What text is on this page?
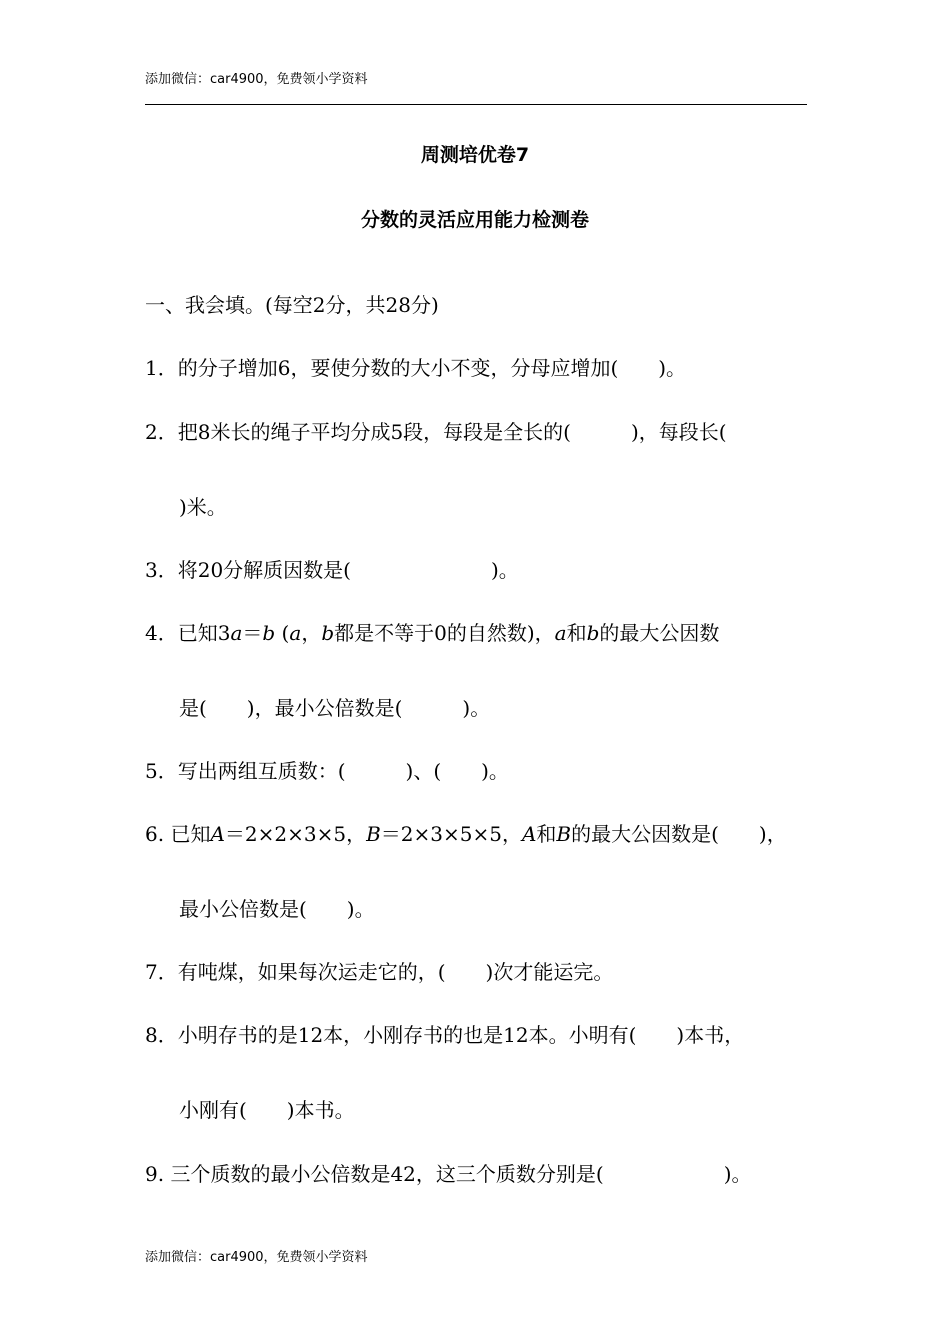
添加微信：car4900，免费领小学资料
周测培优卷7
分数的灵活应用能力检测卷
一、我会填。(每空2分，共28分)
1．的分子增加6，要使分数的大小不变，分母应增加(　　)。
2．把8米长的绳子平均分成5段，每段是全长的(　　　)，每段长(
)米。
3．将20分解质因数是(　　　　　　　)。
4．已知3a＝b (a，b都是不等于0的自然数)，a和b的最大公因数
是(　　)，最小公倍数是(　　　)。
5．写出两组互质数：(　　　)、(　　)。
6. 已知A＝2×2×3×5，B＝2×3×5×5，A和B的最大公因数是(　　)，
最小公倍数是(　　)。
7．有吨煤，如果每次运走它的，(　　)次才能运完。
8．小明存书的是12本，小刚存书的也是12本。小明有(　　)本书，
小刚有(　　)本书。
9. 三个质数的最小公倍数是42，这三个质数分别是(　　　　　　)。
添加微信：car4900，免费领小学资料
